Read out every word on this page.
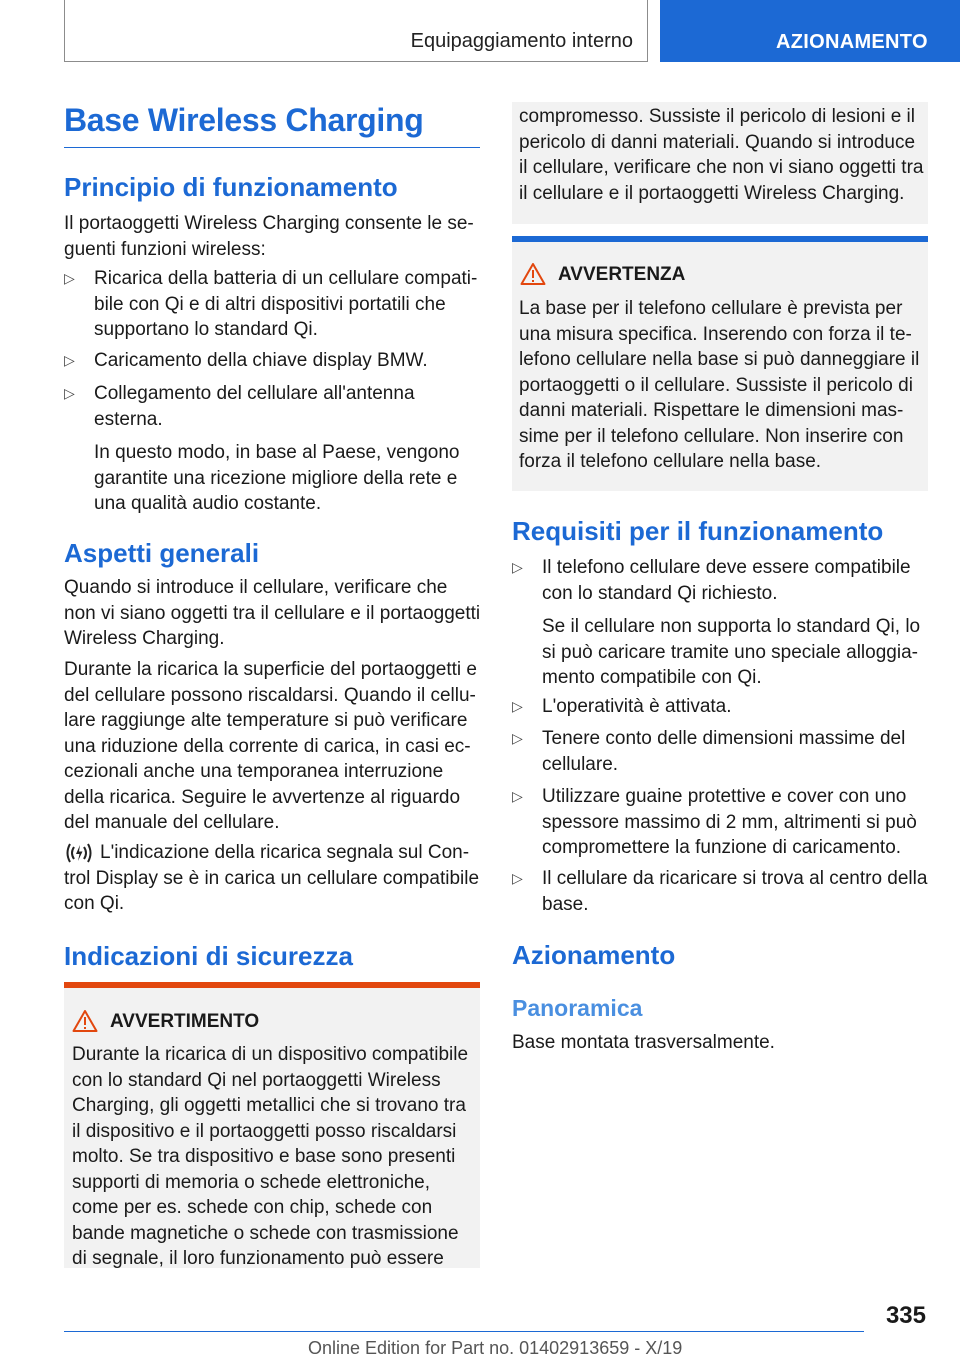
Equipaggiamento interno	AZIONAMENTO
Base Wireless Charging
Principio di funzionamento
Il portaoggetti Wireless Charging consente le se-
guenti funzioni wireless:
▷ Ricarica della batteria di un cellulare compati-
bile con Qi e di altri dispositivi portatili che
supportano lo standard Qi.
▷ Caricamento della chiave display BMW.
▷ Collegamento del cellulare all'antenna
esterna.
In questo modo, in base al Paese, vengono
garantite una ricezione migliore della rete e
una qualità audio costante.
Aspetti generali
Quando si introduce il cellulare, verificare che
non vi siano oggetti tra il cellulare e il portaoggetti
Wireless Charging.
Durante la ricarica la superficie del portaoggetti e
del cellulare possono riscaldarsi. Quando il cellu-
lare raggiunge alte temperature si può verificare
una riduzione della corrente di carica, in casi ec-
cezionali anche una temporanea interruzione
della ricarica. Seguire le avvertenze al riguardo
del manuale del cellulare.
L'indicazione della ricarica segnala sul Con-
trol Display se è in carica un cellulare compatibile
con Qi.
Indicazioni di sicurezza
AVVERTIMENTO
Durante la ricarica di un dispositivo compatibile
con lo standard Qi nel portaoggetti Wireless
Charging, gli oggetti metallici che si trovano tra
il dispositivo e il portaoggetti posso riscaldarsi
molto. Se tra dispositivo e base sono presenti
supporti di memoria o schede elettroniche,
come per es. schede con chip, schede con
bande magnetiche o schede con trasmissione
di segnale, il loro funzionamento può essere
compromesso. Sussiste il pericolo di lesioni e il
pericolo di danni materiali. Quando si introduce
il cellulare, verificare che non vi siano oggetti tra
il cellulare e il portaoggetti Wireless Charging.
AVVERTENZA
La base per il telefono cellulare è prevista per
una misura specifica. Inserendo con forza il te-
lefono cellulare nella base si può danneggiare il
portaoggetti o il cellulare. Sussiste il pericolo di
danni materiali. Rispettare le dimensioni mas-
sime per il telefono cellulare. Non inserire con
forza il telefono cellulare nella base.
Requisiti per il funzionamento
▷ Il telefono cellulare deve essere compatibile
con lo standard Qi richiesto.
Se il cellulare non supporta lo standard Qi, lo
si può caricare tramite uno speciale alloggia-
mento compatibile con Qi.
▷ L'operatività è attivata.
▷ Tenere conto delle dimensioni massime del
cellulare.
▷ Utilizzare guaine protettive e cover con uno
spessore massimo di 2 mm, altrimenti si può
compromettere la funzione di caricamento.
▷ Il cellulare da ricaricare si trova al centro della
base.
Azionamento
Panoramica
Base montata trasversalmente.
335
Online Edition for Part no. 01402913659 - X/19
